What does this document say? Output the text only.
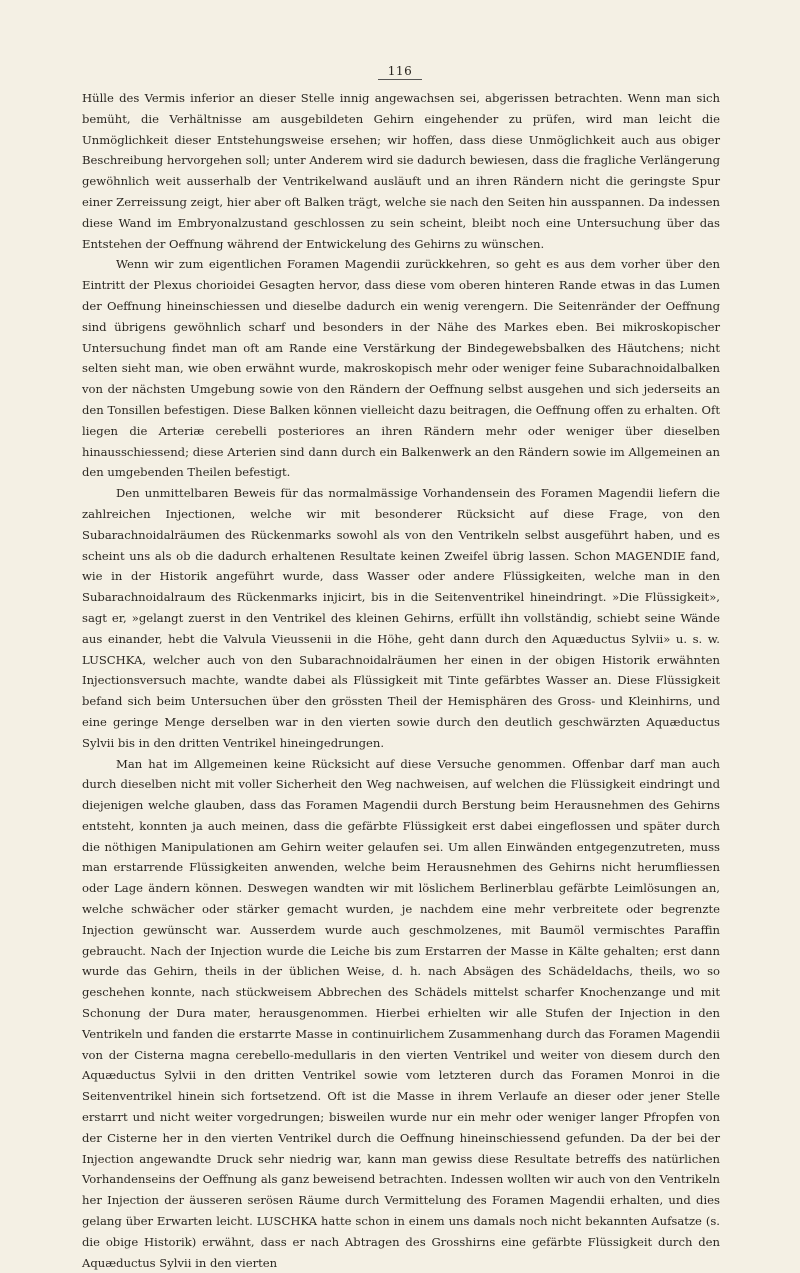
116

Hülle des Vermis inferior an dieser Stelle innig angewachsen sei, abgerissen betrachten. Wenn man sich bemüht, die Verhältnisse am ausgebildeten Gehirn eingehender zu prüfen, wird man leicht die Unmöglichkeit dieser Entstehungsweise ersehen; wir hoffen, dass diese Unmöglichkeit auch aus obiger Beschreibung hervorgehen soll; unter Anderem wird sie dadurch bewiesen, dass die fragliche Verlängerung gewöhnlich weit ausserhalb der Ventrikelwand ausläuft und an ihren Rändern nicht die geringste Spur einer Zerreissung zeigt, hier aber oft Balken trägt, welche sie nach den Seiten hin ausspannen. Da indessen diese Wand im Embryonalzustand geschlossen zu sein scheint, bleibt noch eine Untersuchung über das Entstehen der Oeffnung während der Entwickelung des Gehirns zu wünschen.

Wenn wir zum eigentlichen Foramen Magendii zurückkehren, so geht es aus dem vorher über den Eintritt der Plexus chorioidei Gesagten hervor, dass diese vom oberen hinteren Rande etwas in das Lumen der Oeffnung hineinschiessen und dieselbe dadurch ein wenig verengern. Die Seitenränder der Oeffnung sind übrigens gewöhnlich scharf und besonders in der Nähe des Markes eben. Bei mikroskopischer Untersuchung findet man oft am Rande eine Verstärkung der Bindegewebsbalken des Häutchens; nicht selten sieht man, wie oben erwähnt wurde, makroskopisch mehr oder weniger feine Subarachnoidalbalken von der nächsten Umgebung sowie von den Rändern der Oeffnung selbst ausgehen und sich jederseits an den Tonsillen befestigen. Diese Balken können vielleicht dazu beitragen, die Oeffnung offen zu erhalten. Oft liegen die Arteriæ cerebelli posteriores an ihren Rändern mehr oder weniger über dieselben hinausschiessend; diese Arterien sind dann durch ein Balkenwerk an den Rändern sowie im Allgemeinen an den umgebenden Theilen befestigt.

Den unmittelbaren Beweis für das normalmässige Vorhandensein des Foramen Magendii liefern die zahlreichen Injectionen, welche wir mit besonderer Rücksicht auf diese Frage, von den Subarachnoidalräumen des Rückenmarks sowohl als von den Ventrikeln selbst ausgeführt haben, und es scheint uns als ob die dadurch erhaltenen Resultate keinen Zweifel übrig lassen. Schon MAGENDIE fand, wie in der Historik angeführt wurde, dass Wasser oder andere Flüssigkeiten, welche man in den Subarachnoidalraum des Rückenmarks injicirt, bis in die Seitenventrikel hineindringt. »Die Flüssigkeit», sagt er, »gelangt zuerst in den Ventrikel des kleinen Gehirns, erfüllt ihn vollständig, schiebt seine Wände aus einander, hebt die Valvula Vieussenii in die Höhe, geht dann durch den Aquæductus Sylvii» u. s. w. LUSCHKA, welcher auch von den Subarachnoidalräumen her einen in der obigen Historik erwähnten Injectionsversuch machte, wandte dabei als Flüssigkeit mit Tinte gefärbtes Wasser an. Diese Flüssigkeit befand sich beim Untersuchen über den grössten Theil der Hemisphären des Gross- und Kleinhirns, und eine geringe Menge derselben war in den vierten sowie durch den deutlich geschwärzten Aquæductus Sylvii bis in den dritten Ventrikel hineingedrungen.

Man hat im Allgemeinen keine Rücksicht auf diese Versuche genommen. Offenbar darf man auch durch dieselben nicht mit voller Sicherheit den Weg nachweisen, auf welchen die Flüssigkeit eindringt und diejenigen welche glauben, dass das Foramen Magendii durch Berstung beim Herausnehmen des Gehirns entsteht, konnten ja auch meinen, dass die gefärbte Flüssigkeit erst dabei eingeflossen und später durch die nöthigen Manipulationen am Gehirn weiter gelaufen sei. Um allen Einwänden entgegenzutreten, muss man erstarrende Flüssigkeiten anwenden, welche beim Herausnehmen des Gehirns nicht herumfliessen oder Lage ändern können. Deswegen wandten wir mit löslichem Berlinerblau gefärbte Leimlösungen an, welche schwächer oder stärker gemacht wurden, je nachdem eine mehr verbreitete oder begrenzte Injection gewünscht war. Ausserdem wurde auch geschmolzenes, mit Baumöl vermischtes Paraffin gebraucht. Nach der Injection wurde die Leiche bis zum Erstarren der Masse in Kälte gehalten; erst dann wurde das Gehirn, theils in der üblichen Weise, d. h. nach Absägen des Schädeldachs, theils, wo so geschehen konnte, nach stückweisem Abbrechen des Schädels mittelst scharfer Knochenzange und mit Schonung der Dura mater, herausgenommen. Hierbei erhielten wir alle Stufen der Injection in den Ventrikeln und fanden die erstarrte Masse in continuirlichem Zusammenhang durch das Foramen Magendii von der Cisterna magna cerebello-medullaris in den vierten Ventrikel und weiter von diesem durch den Aquæductus Sylvii in den dritten Ventrikel sowie vom letzteren durch das Foramen Monroi in die Seitenventrikel hinein sich fortsetzend. Oft ist die Masse in ihrem Verlaufe an dieser oder jener Stelle erstarrt und nicht weiter vorgedrungen; bisweilen wurde nur ein mehr oder weniger langer Pfropfen von der Cisterne her in den vierten Ventrikel durch die Oeffnung hineinschiessend gefunden. Da der bei der Injection angewandte Druck sehr niedrig war, kann man gewiss diese Resultate betreffs des natürlichen Vorhandenseins der Oeffnung als ganz beweisend betrachten. Indessen wollten wir auch von den Ventrikeln her Injection der äusseren serösen Räume durch Vermittelung des Foramen Magendii erhalten, und dies gelang über Erwarten leicht. LUSCHKA hatte schon in einem uns damals noch nicht bekannten Aufsatze (s. die obige Historik) erwähnt, dass er nach Abtragen des Grosshirns eine gefärbte Flüssigkeit durch den Aquæductus Sylvii in den vierten
